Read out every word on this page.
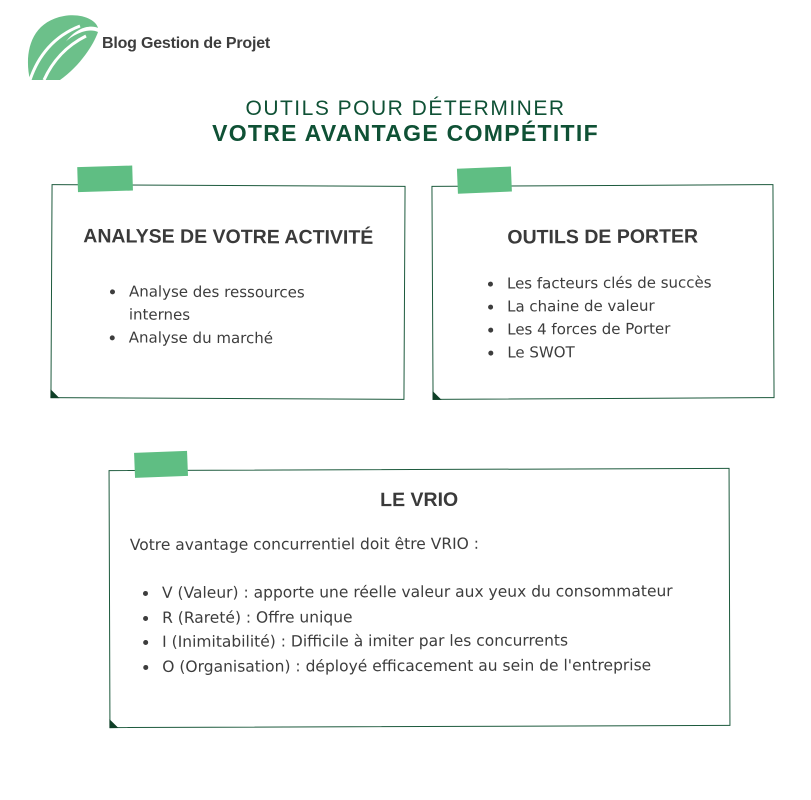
Blog Gestion de Projet
OUTILS POUR DÉTERMINER
VOTRE AVANTAGE COMPÉTITIF
ANALYSE DE VOTRE ACTIVITÉ
Analyse des ressources internes
Analyse du marché
OUTILS DE PORTER
Les facteurs clés de succès
La chaine de valeur
Les 4 forces de Porter
Le SWOT
LE VRIO
Votre avantage concurrentiel doit être VRIO :
V (Valeur) : apporte une réelle valeur aux yeux du consommateur
R (Rareté) : Offre unique
I (Inimitabilité) : Difficile à imiter par les concurrents
O (Organisation) : déployé efficacement au sein de l'entreprise
